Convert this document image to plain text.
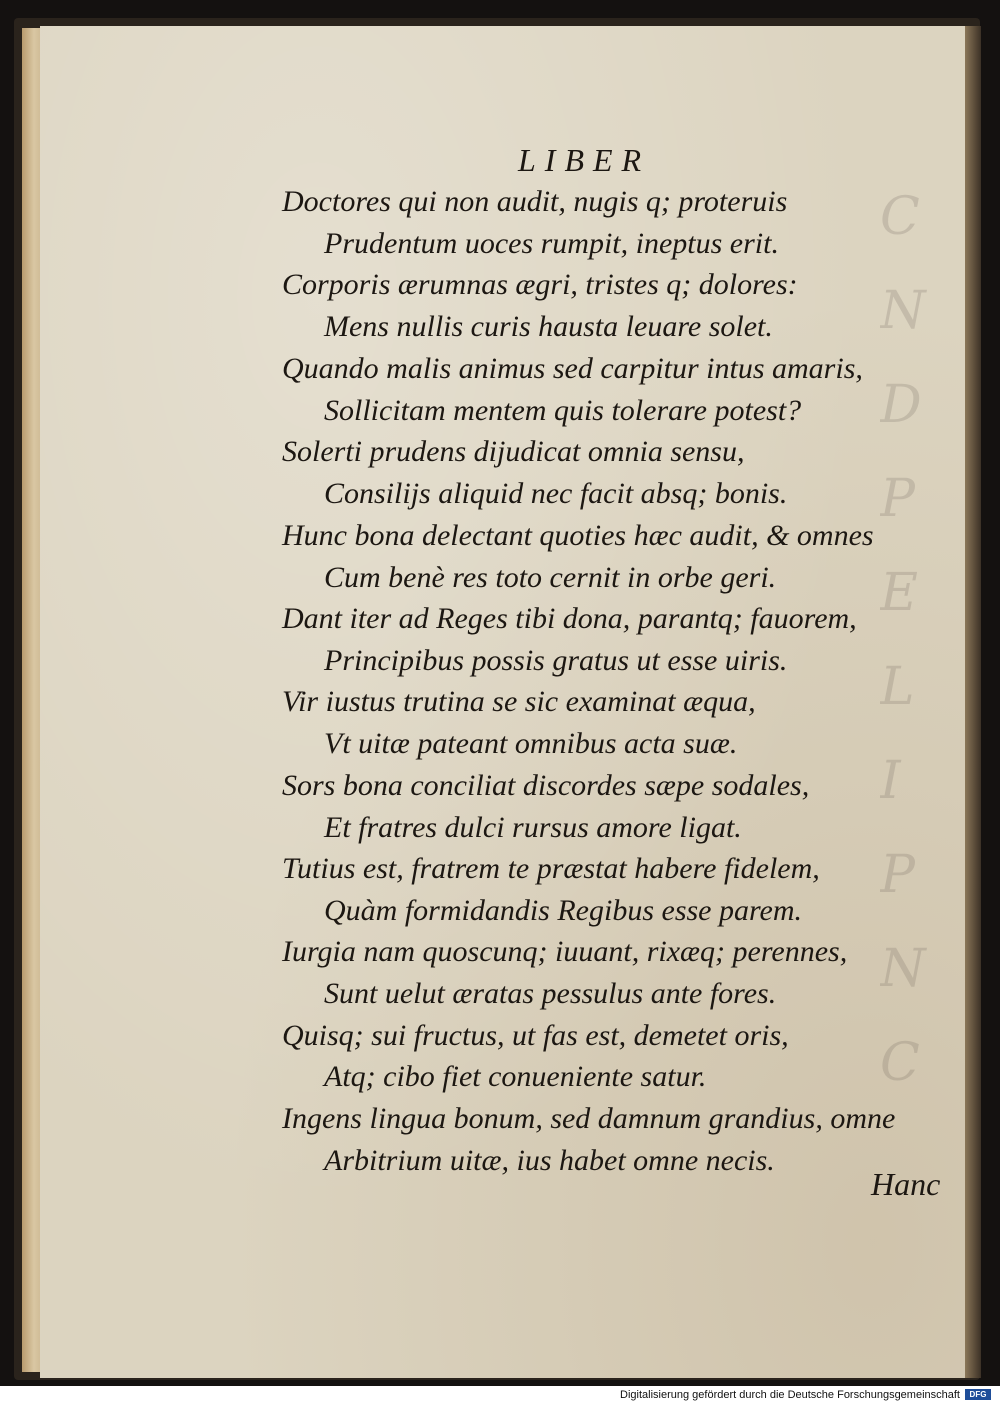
C
N
D
P
E
L
I
P
N
C
LIBER
Doctores qui non audit, nugis q; proteruis
Prudentum uoces rumpit, ineptus erit.
Corporis ærumnas ægri, tristes q; dolores:
Mens nullis curis hausta leuare solet.
Quando malis animus sed carpitur intus amaris,
Sollicitam mentem quis tolerare potest?
Solerti prudens dijudicat omnia sensu,
Consilijs aliquid nec facit absq; bonis.
Hunc bona delectant quoties hæc audit, & omnes
Cum benè res toto cernit in orbe geri.
Dant iter ad Reges tibi dona, parantq; fauorem,
Principibus possis gratus ut esse uiris.
Vir iustus trutina se sic examinat æqua,
Vt uitæ pateant omnibus acta suæ.
Sors bona conciliat discordes sæpe sodales,
Et fratres dulci rursus amore ligat.
Tutius est, fratrem te præstat habere fidelem,
Quàm formidandis Regibus esse parem.
Iurgia nam quoscunq; iuuant, rixæq; perennes,
Sunt uelut æratas pessulus ante fores.
Quisq; sui fructus, ut fas est, demetet oris,
Atq; cibo fiet conueniente satur.
Ingens lingua bonum, sed damnum grandius, omne
Arbitrium uitæ, ius habet omne necis.
Hanc
Digitalisierung gefördert durch die Deutsche Forschungsgemeinschaft	DFG
